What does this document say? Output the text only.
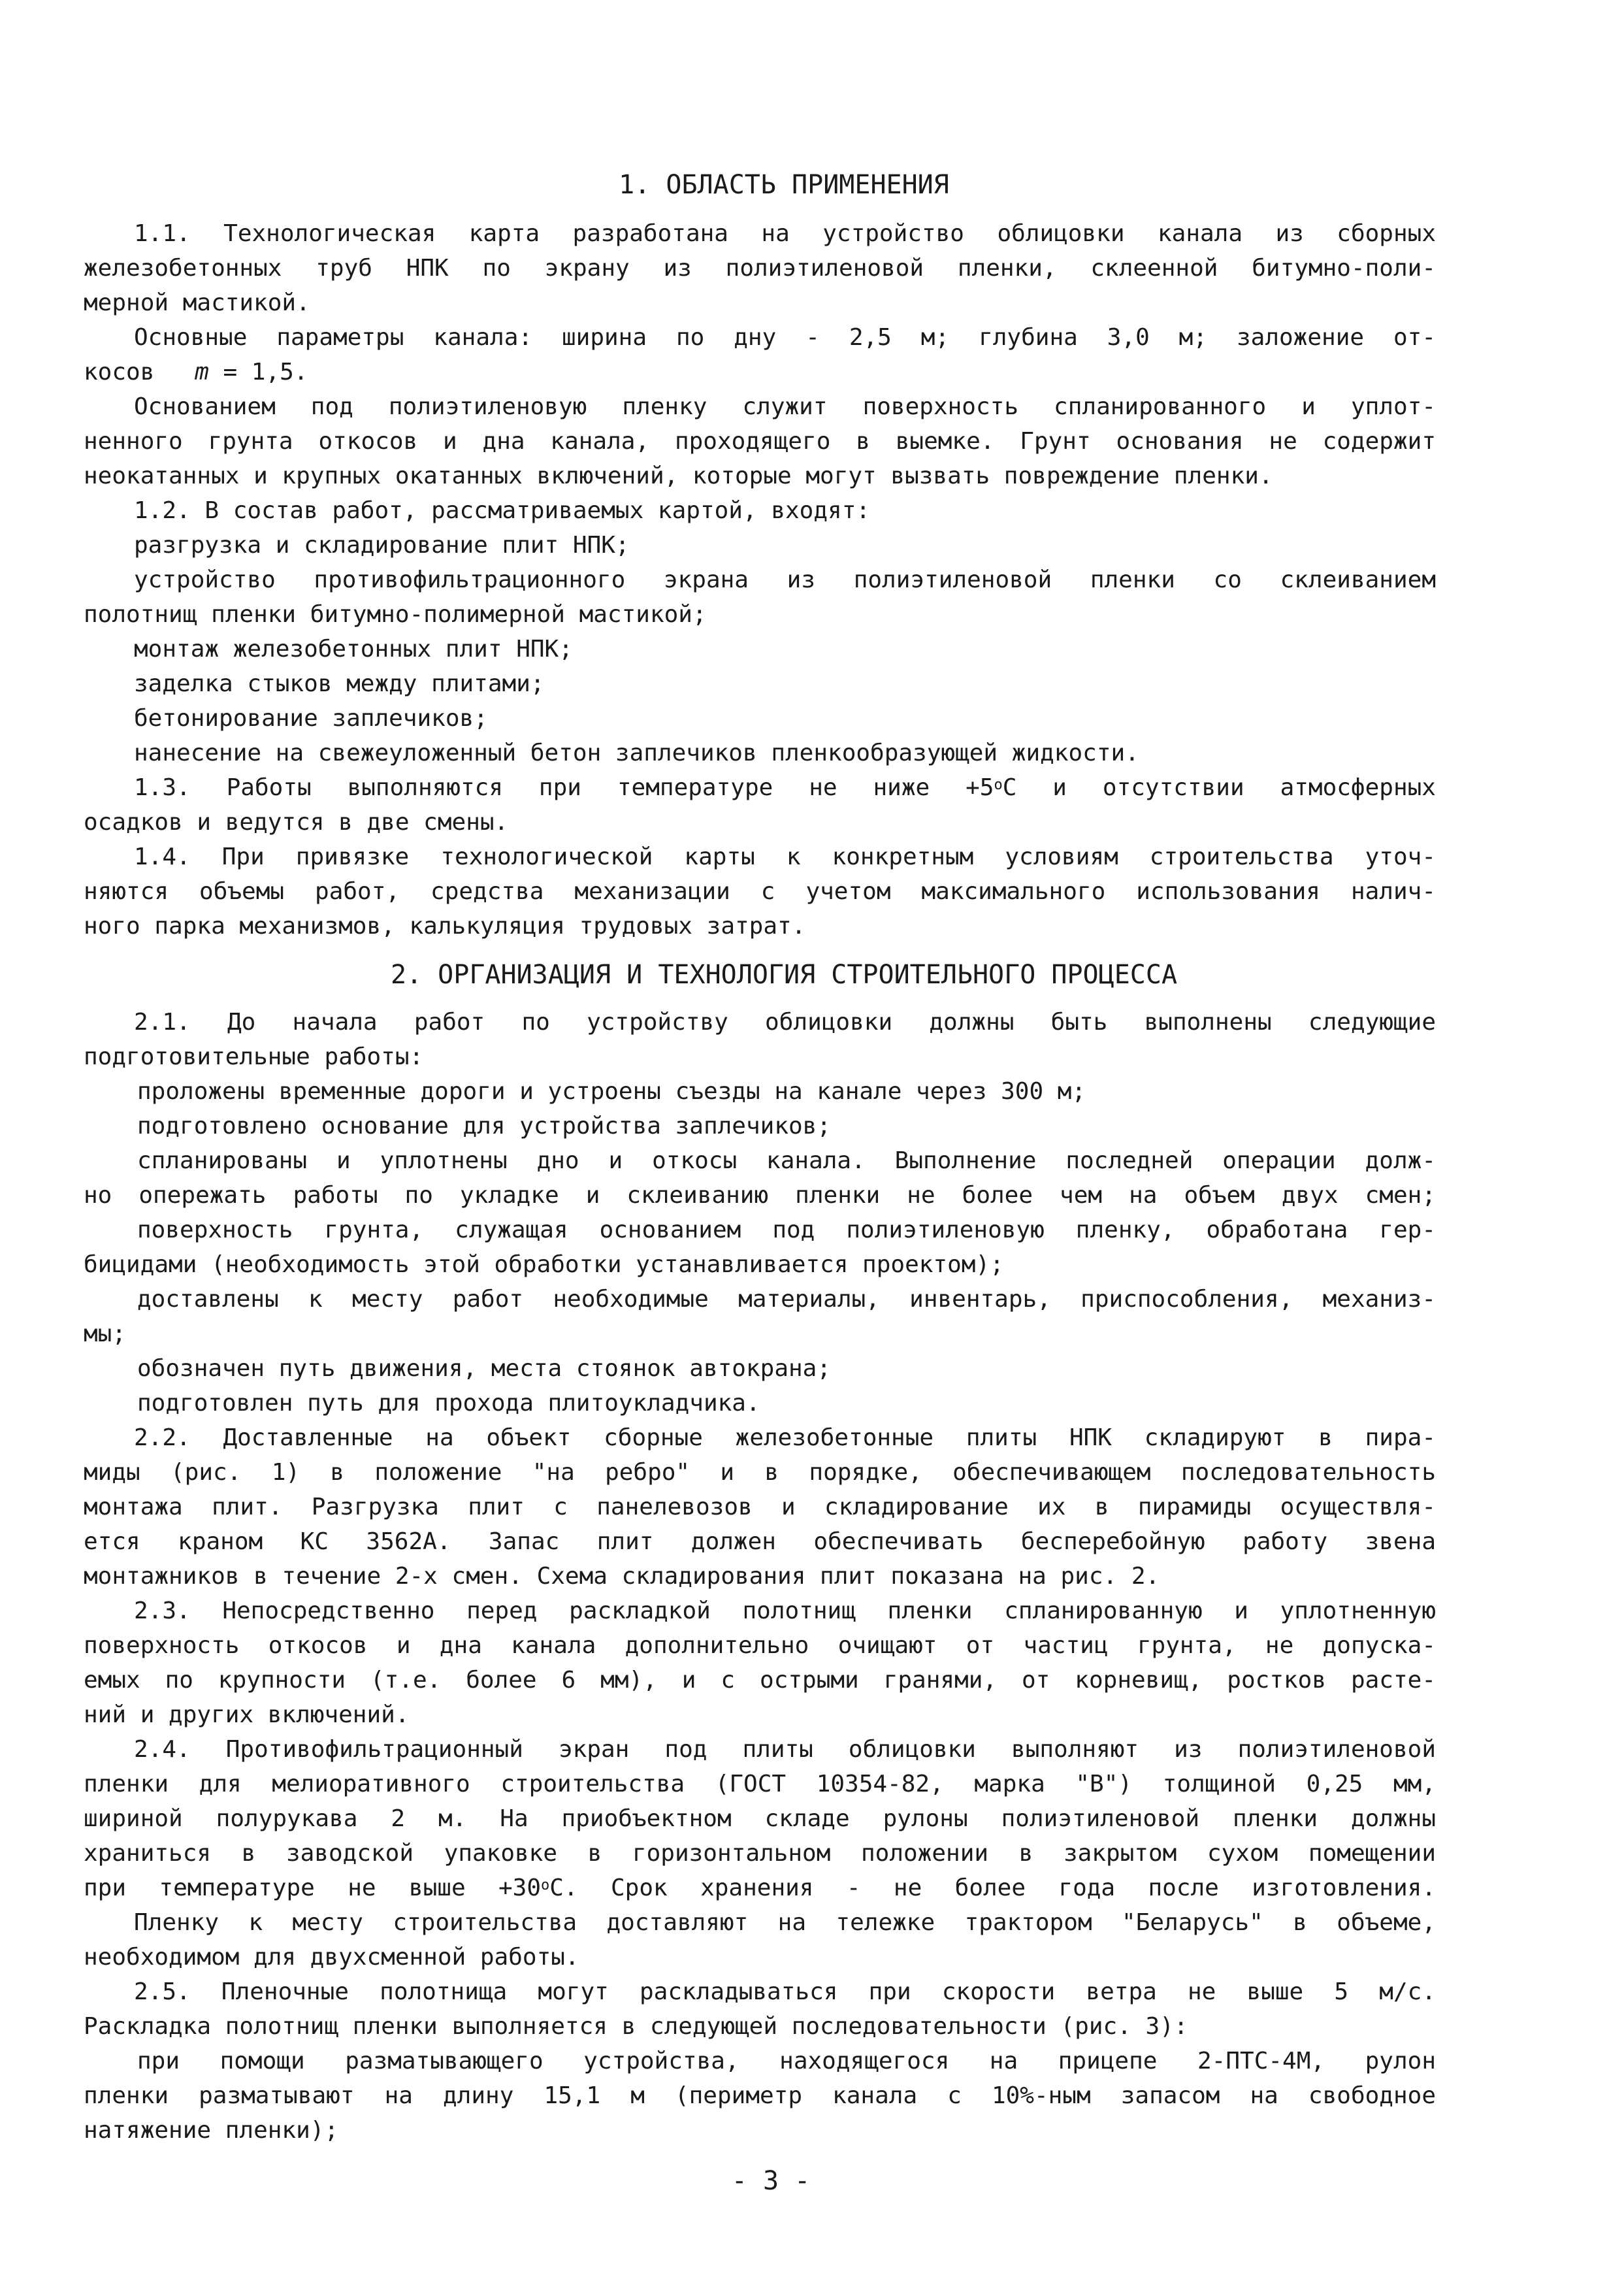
1. ОБЛАСТЬ ПРИМЕНЕНИЯ
1.1. Технологическая карта разработана на устройство облицовки канала из сборных
железобетонных труб НПК по экрану из полиэтиленовой пленки, склеенной битумно-поли-
мерной мастикой.
Основные параметры канала: ширина по дну - 2,5 м; глубина 3,0 м; заложение от-
косов m = 1,5.
Основанием под полиэтиленовую пленку служит поверхность спланированного и уплот-
ненного грунта откосов и дна канала, проходящего в выемке. Грунт основания не содержит
неокатанных и крупных окатанных включений, которые могут вызвать повреждение пленки.
1.2. В состав работ, рассматриваемых картой, входят:
разгрузка и складирование плит НПК;
устройство противофильтрационного экрана из полиэтиленовой пленки со склеиванием
полотнищ пленки битумно-полимерной мастикой;
монтаж железобетонных плит НПК;
заделка стыков между плитами;
бетонирование заплечиков;
нанесение на свежеуложенный бетон заплечиков пленкообразующей жидкости.
1.3. Работы выполняются при температуре не ниже $+5^oС$ и отсутствии атмосферных
осадков и ведутся в две смены.
1.4. При привязке технологической карты к конкретным условиям строительства уточ-
няются объемы работ, средства механизации с учетом максимального использования налич-
ного парка механизмов, калькуляция трудовых затрат.
2. ОРГАНИЗАЦИЯ И ТЕХНОЛОГИЯ СТРОИТЕЛЬНОГО ПРОЦЕССА
2.1. До начала работ по устройству облицовки должны быть выполнены следующие
подготовительные работы:
проложены временные дороги и устроены съезды на канале через 300 м;
подготовлено основание для устройства заплечиков;
спланированы и уплотнены дно и откосы канала. Выполнение последней операции долж-
но опережать работы по укладке и склеиванию пленки не более чем на объем двух смен;
поверхность грунта, служащая основанием под полиэтиленовую пленку, обработана гер-
бицидами (необходимость этой обработки устанавливается проектом);
доставлены к месту работ необходимые материалы, инвентарь, приспособления, механиз-
мы;
обозначен путь движения, места стоянок автокрана;
подготовлен путь для прохода плитоукладчика.
2.2. Доставленные на объект сборные железобетонные плиты НПК складируют в пира-
миды (рис. 1) в положение "на ребро" и в порядке, обеспечивающем последовательность
монтажа плит. Разгрузка плит с панелевозов и складирование их в пирамиды осуществля-
ется краном КС 3562А. Запас плит должен обеспечивать бесперебойную работу звена
монтажников в течение 2-х смен. Схема складирования плит показана на рис. 2.
2.3. Непосредственно перед раскладкой полотнищ пленки спланированную и уплотненную
поверхность откосов и дна канала дополнительно очищают от частиц грунта, не допуска-
емых по крупности (т.е. более 6 мм), и с острыми гранями, от корневищ, ростков расте-
ний и других включений.
2.4. Противофильтрационный экран под плиты облицовки выполняют из полиэтиленовой
пленки для мелиоративного строительства (ГОСТ 10354-82, марка "В") толщиной 0,25 мм,
шириной полурукава 2 м. На приобъектном складе рулоны полиэтиленовой пленки должны
храниться в заводской упаковке в горизонтальном положении в закрытом сухом помещении
при температуре не выше $+30^oС$. Срок хранения - не более года после изготовления.
Пленку к месту строительства доставляют на тележке трактором "Беларусь" в объеме,
необходимом для двухсменной работы.
2.5. Пленочные полотнища могут раскладываться при скорости ветра не выше 5 м/с.
Раскладка полотнищ пленки выполняется в следующей последовательности (рис. 3):
при помощи разматывающего устройства, находящегося на прицепе 2-ПТС-4М, рулон
пленки разматывают на длину 15,1 м (периметр канала с 10%-ным запасом на свободное
натяжение пленки);
- 3 -
